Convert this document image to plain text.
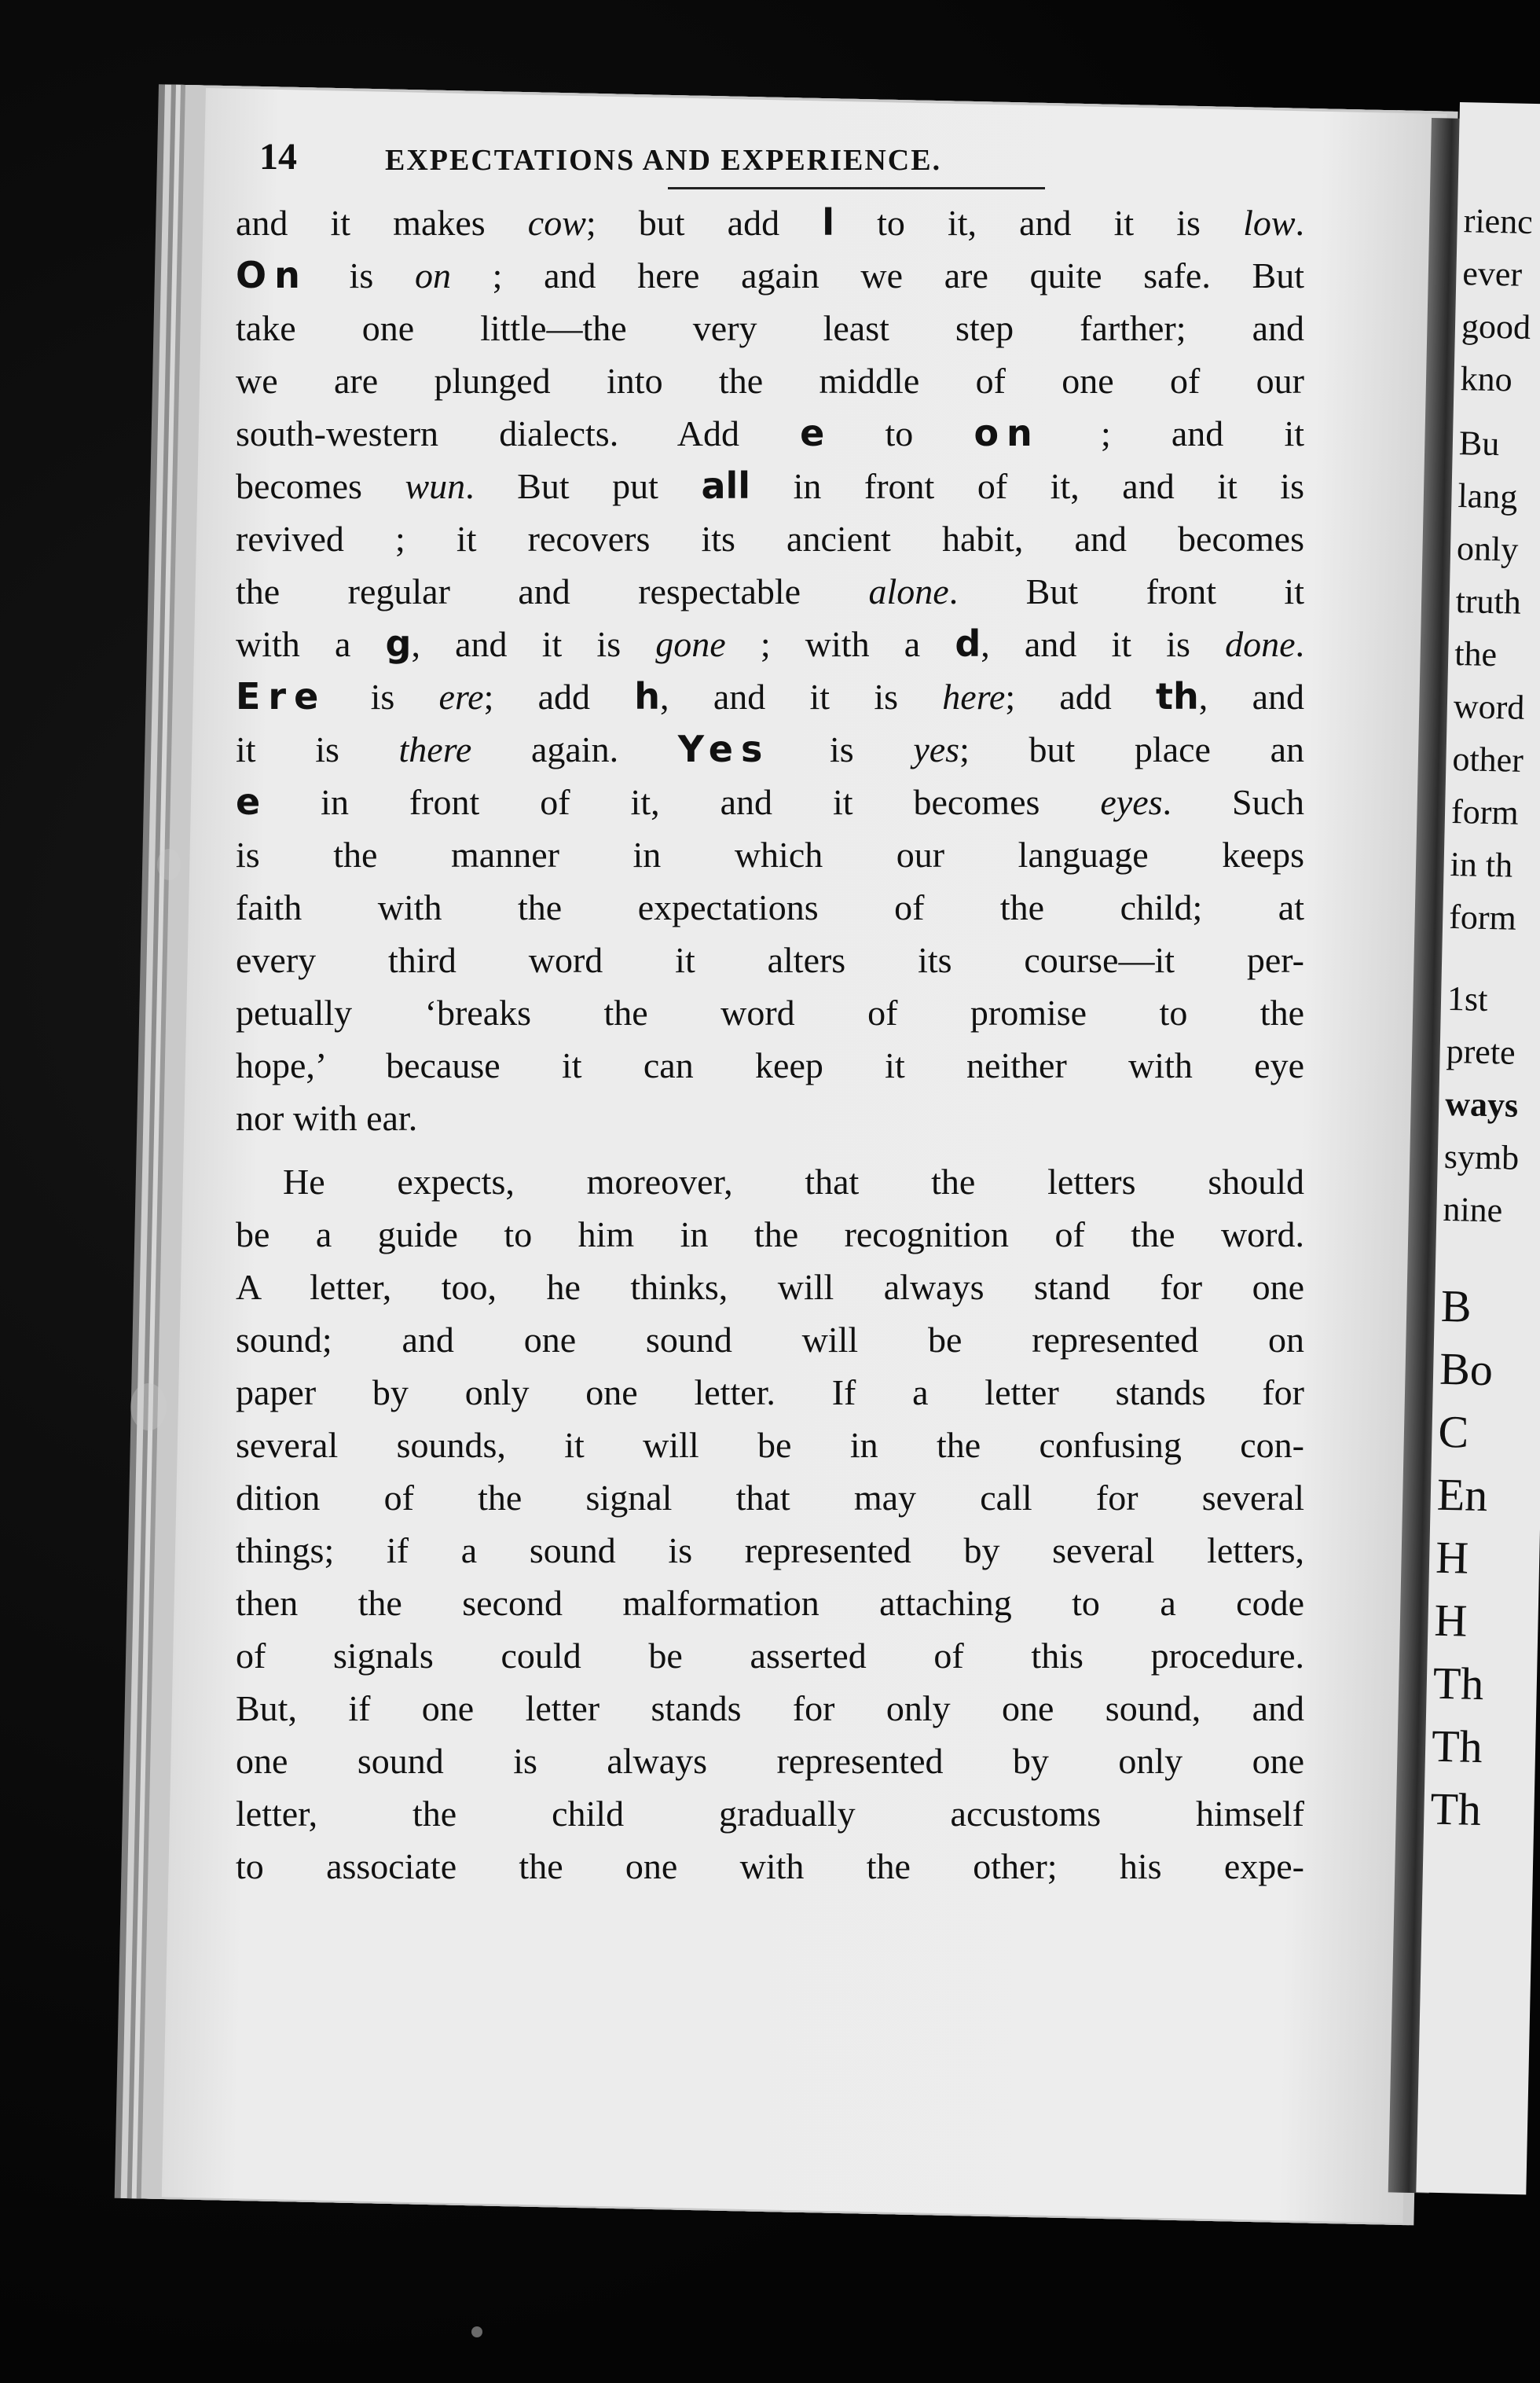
rienc
ever
good
kno
Bu
lang
only
truth
the
word
other
form
in th
form
1st
prete
ways
symb
nine
B
Bo
C
En
H
H
Th
Th
Th
14	EXPECTATIONS AND EXPERIENCE.

and it makes cow; but add l to it, and it is low.

On is on ; and here again we are quite safe. But

take one little—the very least step farther; and

we are plunged into the middle of one of our

south-western dialects. Add e to on ; and it

becomes wun. But put all in front of it, and it is

revived ; it recovers its ancient habit, and becomes

the regular and respectable alone. But front it

with a g, and it is gone ; with a d, and it is done.

Ere is ere; add h, and it is here; add th, and

it is there again. Yes is yes; but place an

e in front of it, and it becomes eyes. Such

is the manner in which our language keeps

faith with the expectations of the child; at

every third word it alters its course—it per-

petually ‘breaks the word of promise to the

hope,’ because it can keep it neither with eye

nor with ear.

He expects, moreover, that the letters should

be a guide to him in the recognition of the word.

A letter, too, he thinks, will always stand for one

sound; and one sound will be represented on

paper by only one letter. If a letter stands for

several sounds, it will be in the confusing con-

dition of the signal that may call for several

things; if a sound is represented by several letters,

then the second malformation attaching to a code

of signals could be asserted of this procedure.

But, if one letter stands for only one sound, and

one sound is always represented by only one

letter, the child gradually accustoms himself

to associate the one with the other; his expe-
